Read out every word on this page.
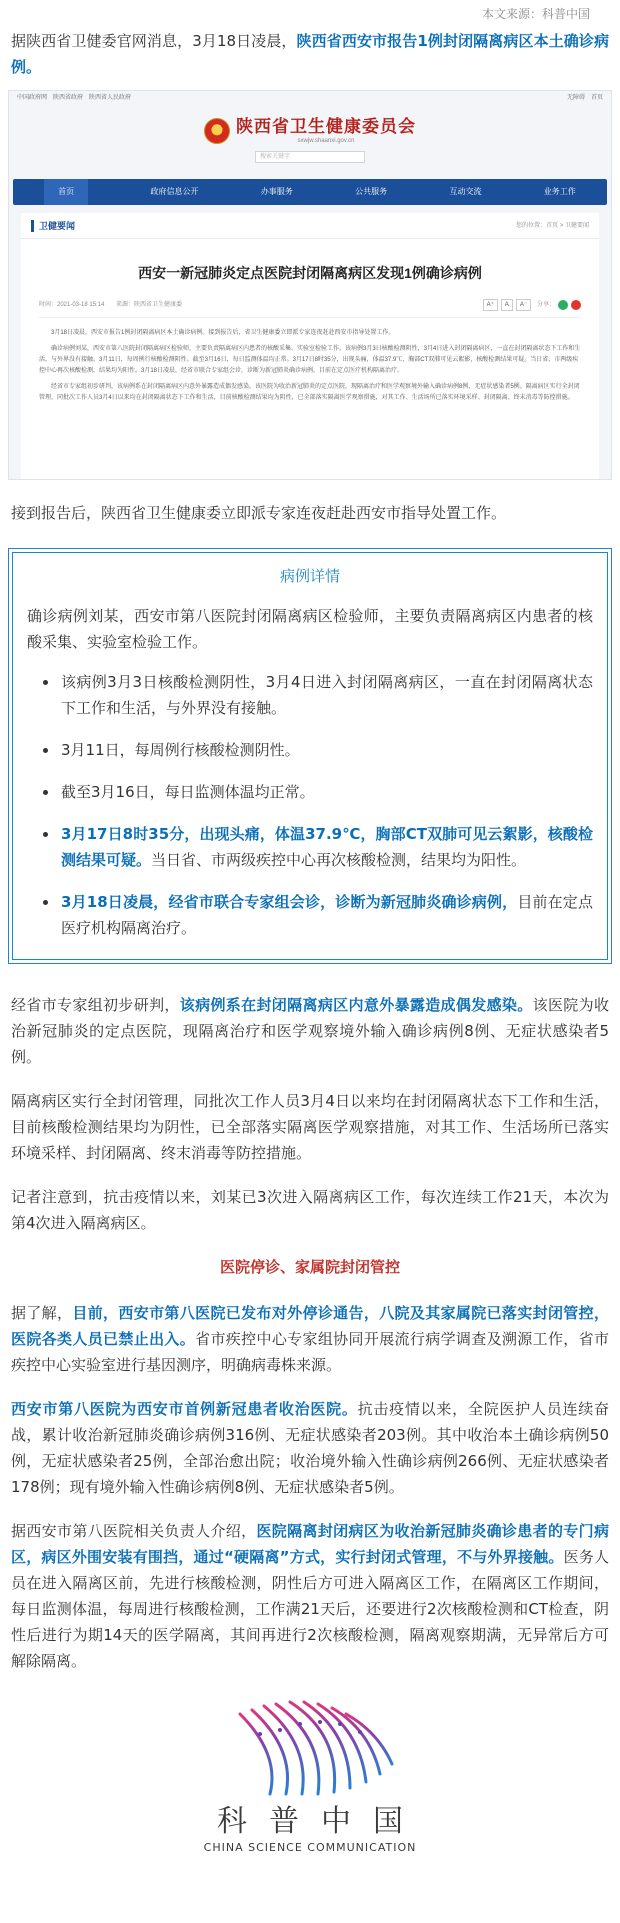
本文来源：科普中国

据陕西省卫健委官网消息，3月18日凌晨，陕西省西安市报告1例封闭隔离病区本土确诊病例。

中国政府网　陕西省政府　陕西省人民政府	无障碍　首页
陕西省卫生健康委员会
sxwjw.shaanxi.gov.cn
搜索关键字
首页	政府信息公开	办事服务	公共服务	互动交流	业务工作
卫健要闻	您的位置：首页 > 卫健要闻
西安一新冠肺炎定点医院封闭隔离病区发现1例确诊病例
时间：2021-03-18 15:14 来源：陕西省卫生健康委	A⁺	A	A⁻	分享：

3月18日凌晨，西安市报告1例封闭隔离病区本土确诊病例。接到报告后，省卫生健康委立即派专家连夜赶赴西安市指导处置工作。

确诊病例刘某，西安市第八医院封闭隔离病区检验师，主要负责隔离病区内患者的核酸采集、实验室检验工作。该病例3月3日核酸检测阴性，3月4日进入封闭隔离病区，一直在封闭隔离状态下工作和生活，与外界没有接触。3月11日，每周例行核酸检测阴性。截至3月16日，每日监测体温均正常。3月17日8时35分，出现头痛，体温37.9℃，胸部CT双肺可见云絮影，核酸检测结果可疑。当日省、市两级疾控中心再次核酸检测，结果均为阳性。3月18日凌晨，经省市联合专家组会诊，诊断为新冠肺炎确诊病例，目前在定点医疗机构隔离治疗。

经省市专家组初步研判，该病例系在封闭隔离病区内意外暴露造成偶发感染。该医院为收治新冠肺炎的定点医院，现隔离治疗和医学观察境外输入确诊病例8例、无症状感染者5例。隔离病区实行全封闭管理，同批次工作人员3月4日以来均在封闭隔离状态下工作和生活，目前核酸检测结果均为阴性，已全部落实隔离医学观察措施，对其工作、生活场所已落实环境采样、封闭隔离、终末消毒等防控措施。

接到报告后，陕西省卫生健康委立即派专家连夜赶赴西安市指导处置工作。

病例详情

确诊病例刘某，西安市第八医院封闭隔离病区检验师，主要负责隔离病区内患者的核酸采集、实验室检验工作。

该病例3月3日核酸检测阴性，3月4日进入封闭隔离病区，一直在封闭隔离状态下工作和生活，与外界没有接触。
3月11日，每周例行核酸检测阴性。
截至3月16日，每日监测体温均正常。
3月17日8时35分，出现头痛，体温37.9℃，胸部CT双肺可见云絮影，核酸检测结果可疑。当日省、市两级疾控中心再次核酸检测，结果均为阳性。
3月18日凌晨，经省市联合专家组会诊，诊断为新冠肺炎确诊病例，目前在定点医疗机构隔离治疗。

经省市专家组初步研判，该病例系在封闭隔离病区内意外暴露造成偶发感染。该医院为收治新冠肺炎的定点医院，现隔离治疗和医学观察境外输入确诊病例8例、无症状感染者5例。

隔离病区实行全封闭管理，同批次工作人员3月4日以来均在封闭隔离状态下工作和生活，目前核酸检测结果均为阴性，已全部落实隔离医学观察措施，对其工作、生活场所已落实环境采样、封闭隔离、终末消毒等防控措施。

记者注意到，抗击疫情以来，刘某已3次进入隔离病区工作，每次连续工作21天，本次为第4次进入隔离病区。

医院停诊、家属院封闭管控

据了解，目前，西安市第八医院已发布对外停诊通告，八院及其家属院已落实封闭管控，医院各类人员已禁止出入。省市疾控中心专家组协同开展流行病学调查及溯源工作，省市疾控中心实验室进行基因测序，明确病毒株来源。

西安市第八医院为西安市首例新冠患者收治医院。抗击疫情以来，全院医护人员连续奋战，累计收治新冠肺炎确诊病例316例、无症状感染者203例。其中收治本土确诊病例50例，无症状感染者25例，全部治愈出院；收治境外输入性确诊病例266例、无症状感染者178例；现有境外输入性确诊病例8例、无症状感染者5例。

据西安市第八医院相关负责人介绍，医院隔离封闭病区为收治新冠肺炎确诊患者的专门病区，病区外围安装有围挡，通过“硬隔离”方式，实行封闭式管理，不与外界接触。医务人员在进入隔离区前，先进行核酸检测，阴性后方可进入隔离区工作，在隔离区工作期间，每日监测体温，每周进行核酸检测，工作满21天后，还要进行2次核酸检测和CT检查，阴性后进行为期14天的医学隔离，其间再进行2次核酸检测，隔离观察期满，无异常后方可解除隔离。

科普中国
CHINA SCIENCE COMMUNICATION
